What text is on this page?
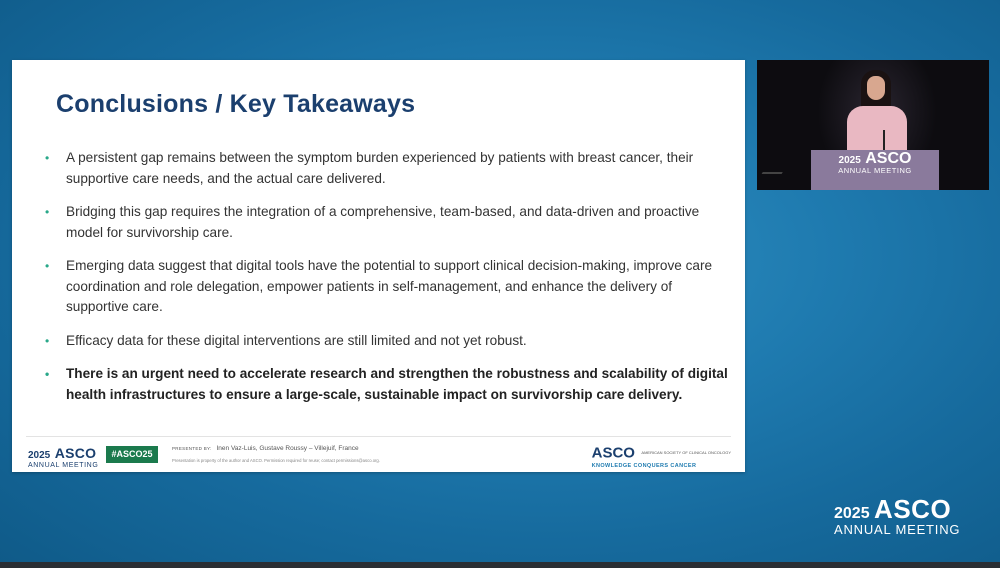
Conclusions / Key Takeaways
• A persistent gap remains between the symptom burden experienced by patients with breast cancer, their supportive care needs, and the actual care delivered.
• Bridging this gap requires the integration of a comprehensive, team-based, and data-driven and proactive model for survivorship care.
• Emerging data suggest that digital tools have the potential to support clinical decision-making, improve care coordination and role delegation, empower patients in self-management, and enhance the delivery of supportive care.
• Efficacy data for these digital interventions are still limited and not yet robust.
• There is an urgent need to accelerate research and strengthen the robustness and scalability of digital health infrastructures to ensure a large-scale, sustainable impact on survivorship care delivery.
2025 ASCO
ANNUAL MEETING
#ASCO25
PRESENTED BY: Inen Vaz-Luis, Gustave Roussy – Villejuif, France
Presentation is property of the author and ASCO. Permission required for reuse; contact permissions@asco.org.	ASCO AMERICAN SOCIETY OF CLINICAL ONCOLOGY
KNOWLEDGE CONQUERS CANCER
2025 ASCO
ANNUAL MEETING
2025 ASCO
ANNUAL MEETING
